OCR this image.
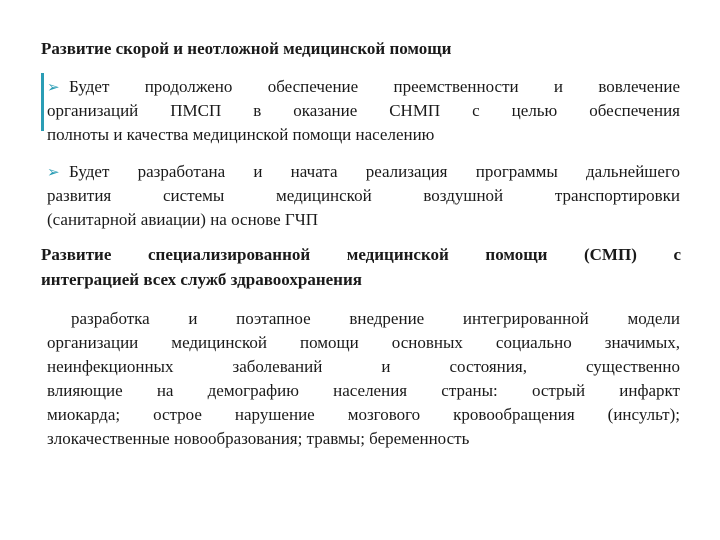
Развитие скорой и неотложной медицинской помощи

➢ Будет продолжено обеспечение преемственности и вовлечение
организаций ПМСП в оказание СНМП с целью обеспечения
полноты и качества медицинской помощи населению

➢ Будет разработана и начата реализация программы дальнейшего
развития системы медицинской воздушной транспортировки
(санитарной авиации) на основе ГЧП

Развитие специализированной медицинской помощи (СМП) с
интеграцией всех служб здравоохранения

разработка и поэтапное внедрение интегрированной модели
организации медицинской помощи основных социально значимых,
неинфекционных заболеваний и состояния, существенно
влияющие на демографию населения страны: острый инфаркт
миокарда; острое нарушение мозгового кровообращения (инсульт);
злокачественные новообразования; травмы; беременность
